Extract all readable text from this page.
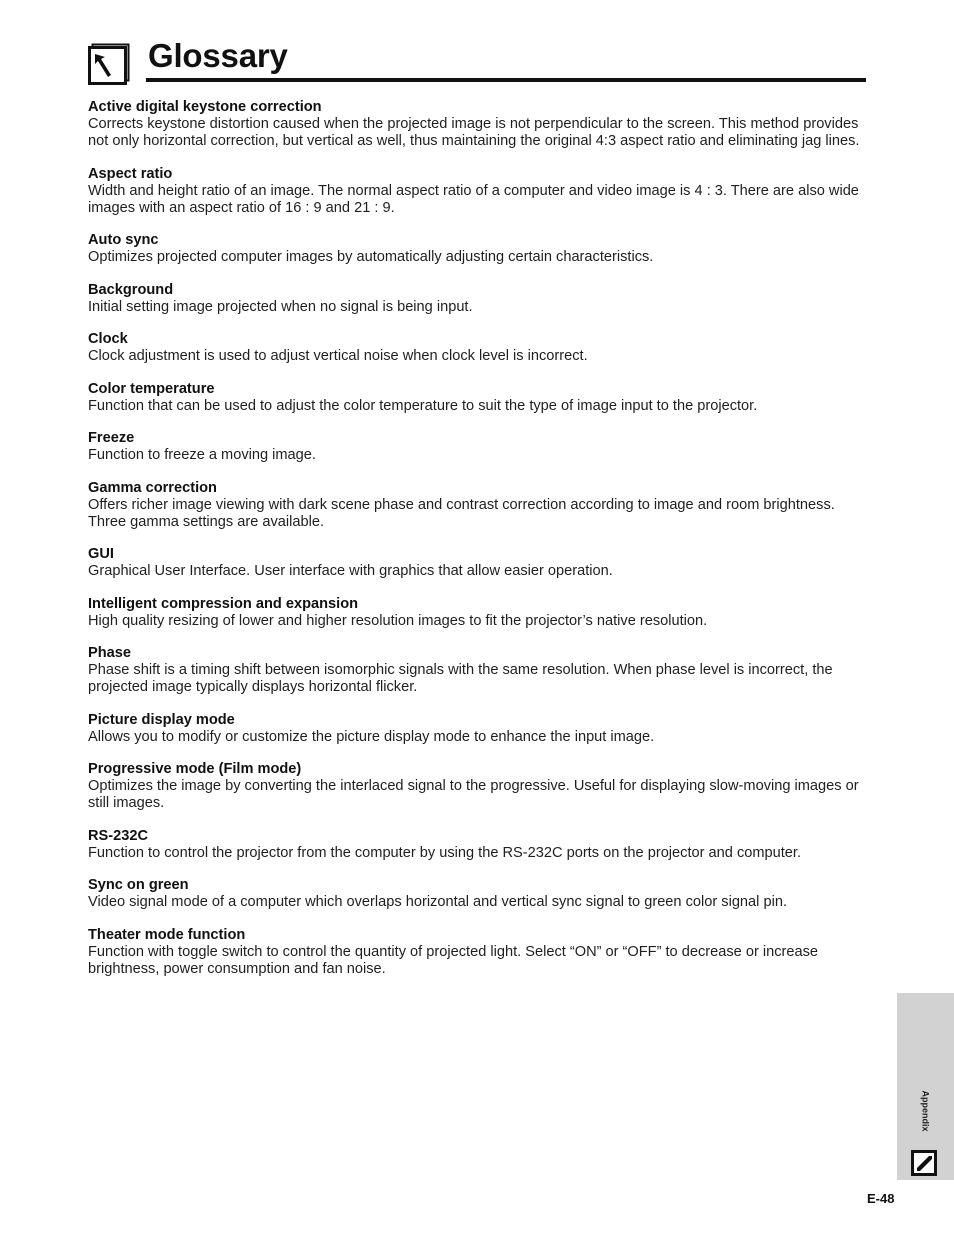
Glossary
Active digital keystone correction
Corrects keystone distortion caused when the projected image is not perpendicular to the screen. This method provides not only horizontal correction, but vertical as well, thus maintaining the original 4:3 aspect ratio and eliminating jag lines.
Aspect ratio
Width and height ratio of an image. The normal aspect ratio of a computer and video image is 4 : 3. There are also wide images with an aspect ratio of 16 : 9 and 21 : 9.
Auto sync
Optimizes projected computer images by automatically adjusting certain characteristics.
Background
Initial setting image projected when no signal is being input.
Clock
Clock adjustment is used to adjust vertical noise when clock level is incorrect.
Color temperature
Function that can be used to adjust the color temperature to suit the type of image input to the projector.
Freeze
Function to freeze a moving image.
Gamma correction
Offers richer image viewing with dark scene phase and contrast correction according to image and room brightness. Three gamma settings are available.
GUI
Graphical User Interface. User interface with graphics that allow easier operation.
Intelligent compression and expansion
High quality resizing of lower and higher resolution images to fit the projector’s native resolution.
Phase
Phase shift is a timing shift between isomorphic signals with the same resolution. When phase level is incorrect, the projected image typically displays horizontal flicker.
Picture display mode
Allows you to modify or customize the picture display mode to enhance the input image.
Progressive mode (Film mode)
Optimizes the image by converting the interlaced signal to the progressive. Useful for displaying slow-moving images or still images.
RS-232C
Function to control the projector from the computer by using the RS-232C ports on the projector and computer.
Sync on green
Video signal mode of a computer which overlaps horizontal and vertical sync signal to green color signal pin.
Theater mode function
Function with toggle switch to control the quantity of projected light. Select “ON” or “OFF” to decrease or increase brightness, power consumption and fan noise.
Appendix
E-48
